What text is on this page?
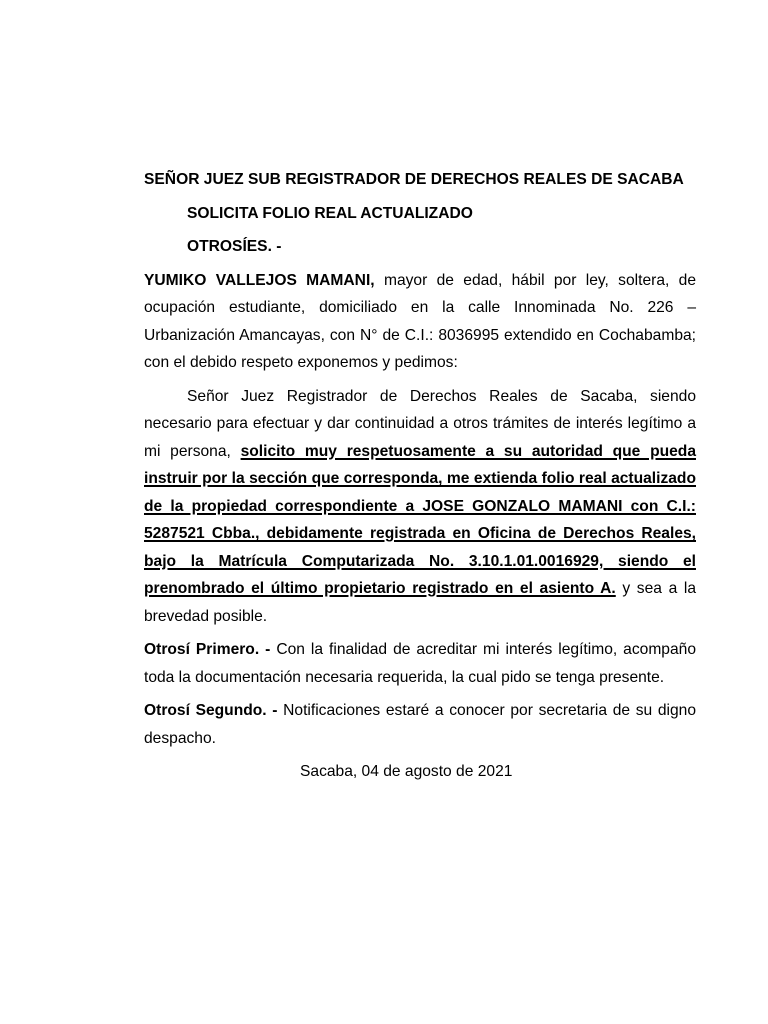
SEÑOR JUEZ SUB REGISTRADOR DE DERECHOS REALES DE SACABA

SOLICITA FOLIO REAL ACTUALIZADO

OTROSÍES. -

YUMIKO VALLEJOS MAMANI, mayor de edad, hábil por ley, soltera, de ocupación estudiante, domiciliado en la calle Innominada No. 226 – Urbanización Amancayas, con N° de C.I.: 8036995 extendido en Cochabamba; con el debido respeto exponemos y pedimos:

Señor Juez Registrador de Derechos Reales de Sacaba, siendo necesario para efectuar y dar continuidad a otros trámites de interés legítimo a mi persona, solicito muy respetuosamente a su autoridad que pueda instruir por la sección que corresponda, me extienda folio real actualizado de la propiedad correspondiente a JOSE GONZALO MAMANI con C.I.: 5287521 Cbba., debidamente registrada en Oficina de Derechos Reales, bajo la Matrícula Computarizada No. 3.10.1.01.0016929, siendo el prenombrado el último propietario registrado en el asiento A. y sea a la brevedad posible.

Otrosí Primero. - Con la finalidad de acreditar mi interés legítimo, acompaño toda la documentación necesaria requerida, la cual pido se tenga presente.

Otrosí Segundo. - Notificaciones estaré a conocer por secretaria de su digno despacho.

Sacaba, 04 de agosto de 2021
